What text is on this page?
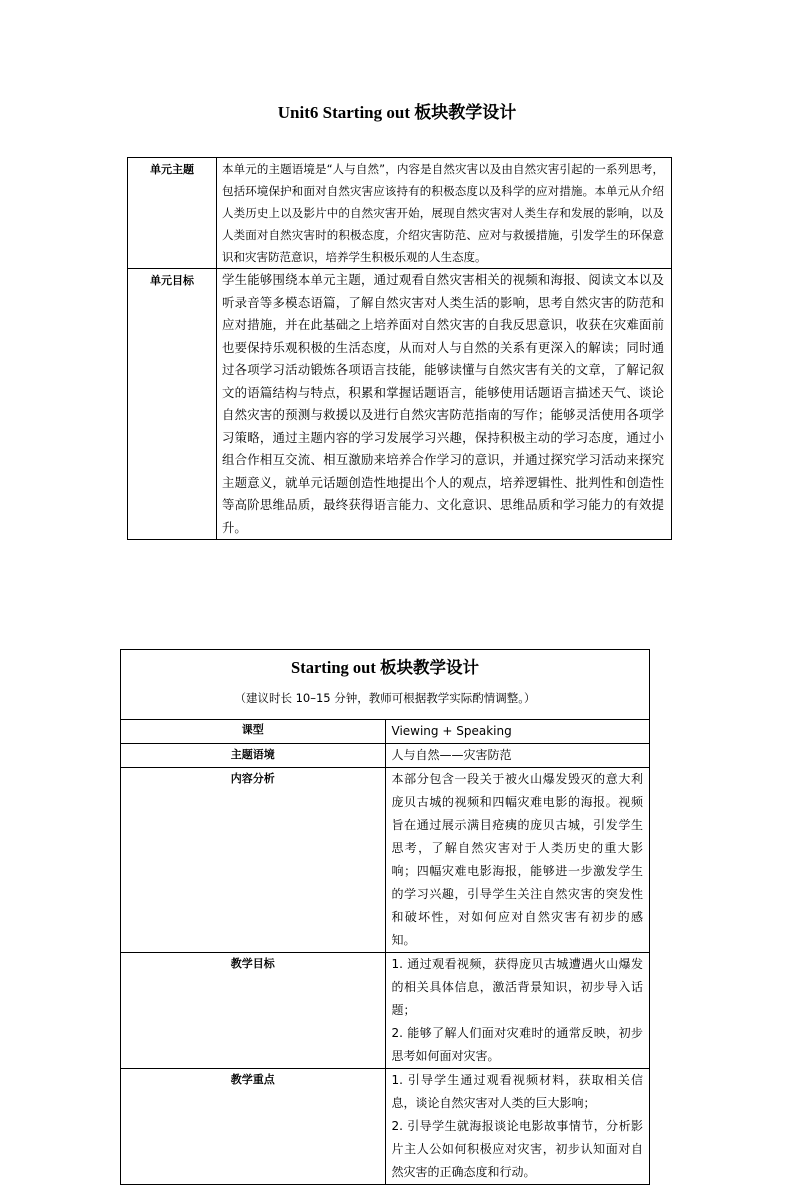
Unit6 Starting out 板块教学设计
单元主题	本单元的主题语境是“人与自然”，内容是自然灾害以及由自然灾害引起的一系列思考，包括环境保护和面对自然灾害应该持有的积极态度以及科学的应对措施。本单元从介绍人类历史上以及影片中的自然灾害开始，展现自然灾害对人类生存和发展的影响，以及人类面对自然灾害时的积极态度，介绍灾害防范、应对与救援措施，引发学生的环保意识和灾害防范意识，培养学生积极乐观的人生态度。
单元目标	学生能够围绕本单元主题，通过观看自然灾害相关的视频和海报、阅读文本以及听录音等多模态语篇，了解自然灾害对人类生活的影响，思考自然灾害的防范和应对措施，并在此基础之上培养面对自然灾害的自我反思意识，收获在灾难面前也要保持乐观积极的生活态度，从而对人与自然的关系有更深入的解读；同时通过各项学习活动锻炼各项语言技能，能够读懂与自然灾害有关的文章，了解记叙文的语篇结构与特点，积累和掌握话题语言，能够使用话题语言描述天气、谈论自然灾害的预测与救援以及进行自然灾害防范指南的写作；能够灵活使用各项学习策略，通过主题内容的学习发展学习兴趣，保持积极主动的学习态度，通过小组合作相互交流、相互激励来培养合作学习的意识，并通过探究学习活动来探究主题意义，就单元话题创造性地提出个人的观点，培养逻辑性、批判性和创造性等高阶思维品质，最终获得语言能力、文化意识、思维品质和学习能力的有效提升。
Starting out 板块教学设计
（建议时长 10–15 分钟，教师可根据教学实际酌情调整。）	

课型	Viewing + Speaking
主题语境	人与自然——灾害防范
内容分析	本部分包含一段关于被火山爆发毁灭的意大利庞贝古城的视频和四幅灾难电影的海报。视频旨在通过展示满目疮痍的庞贝古城，引发学生思考，了解自然灾害对于人类历史的重大影响；四幅灾难电影海报，能够进一步激发学生的学习兴趣，引导学生关注自然灾害的突发性和破坏性，对如何应对自然灾害有初步的感知。
教学目标	1. 通过观看视频，获得庞贝古城遭遇火山爆发的相关具体信息，激活背景知识，初步导入话题；
2. 能够了解人们面对灾难时的通常反映，初步思考如何面对灾害。

教学重点	1. 引导学生通过观看视频材料，获取相关信息，谈论自然灾害对人类的巨大影响；
2. 引导学生就海报谈论电影故事情节，分析影片主人公如何积极应对灾害，初步认知面对自然灾害的正确态度和行动。
